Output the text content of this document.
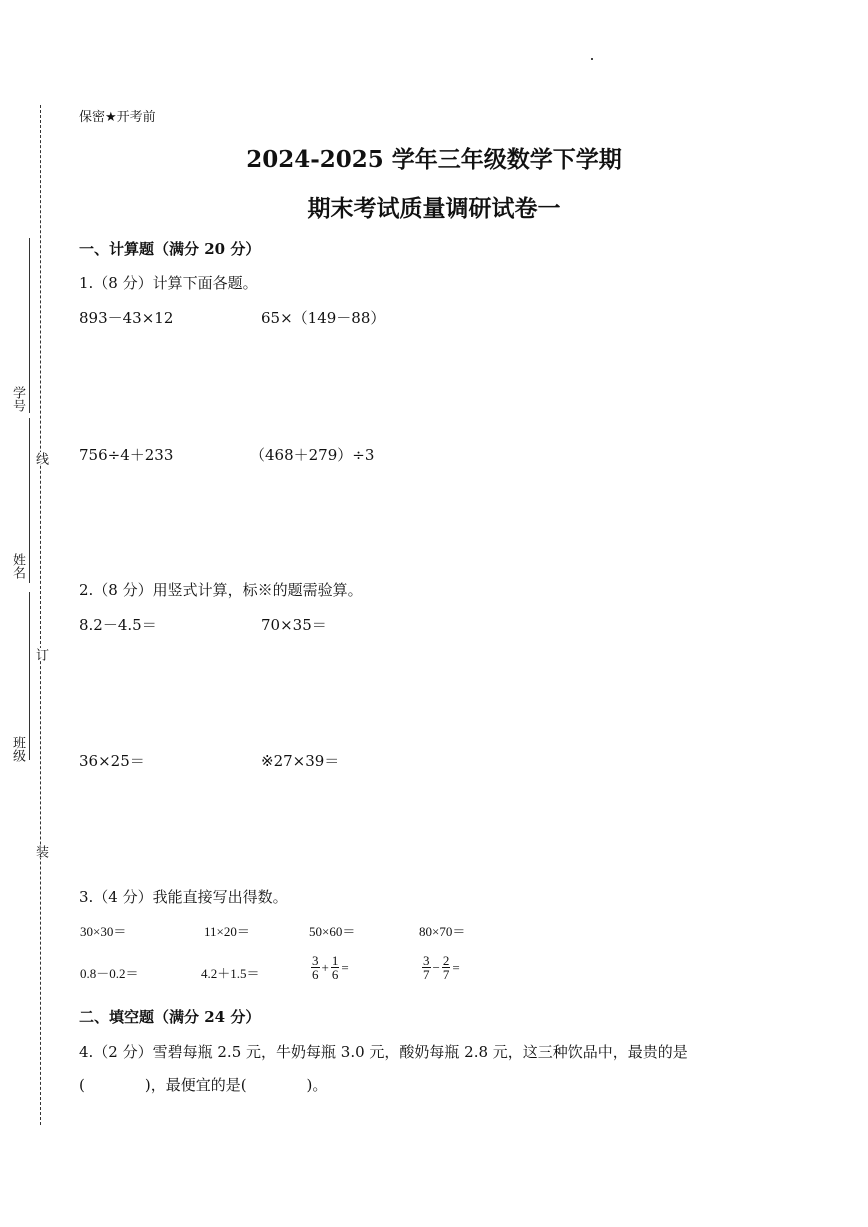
学号
线
姓名
订
班级
装
保密★开考前
2024-2025 学年三年级数学下学期
期末考试质量调研试卷一
一、计算题（满分 20 分）
1.（8 分）计算下面各题。
893－43×12	65×（149－88）
756÷4＋233	（468＋279）÷3
2.（8 分）用竖式计算，标※的题需验算。
8.2－4.5＝	70×35＝
36×25＝	※27×39＝
3.（4 分）我能直接写出得数。
30×30＝	11×20＝	50×60＝	80×70＝
0.8－0.2＝	4.2＋1.5＝	$\frac{3}{6} + \frac{1}{6}$ =	$\frac{3}{7} - \frac{2}{7}$ =
二、填空题（满分 24 分）
4.（2 分）雪碧每瓶 2.5 元，牛奶每瓶 3.0 元，酸奶每瓶 2.8 元，这三种饮品中，最贵的是
(　　　　)，最便宜的是(　　　　)。
